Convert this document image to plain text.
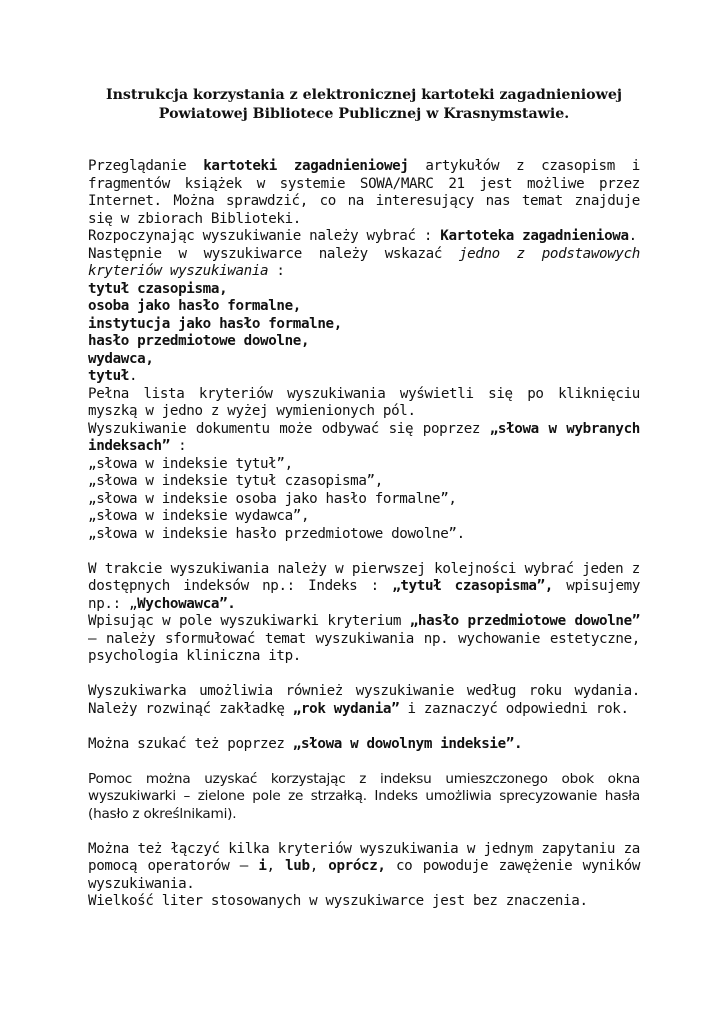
Instrukcja korzystania z elektronicznej kartoteki zagadnieniowej
Powiatowej Bibliotece Publicznej w Krasnymstawie.

Przeglądanie kartoteki zagadnieniowej artykułów z czasopism i fragmentów książek w systemie SOWA/MARC 21 jest możliwe przez Internet. Można sprawdzić, co na interesujący nas temat znajduje się w zbiorach Biblioteki.

Rozpoczynając wyszukiwanie należy wybrać : Kartoteka zagadnieniowa.

Następnie w wyszukiwarce należy wskazać jedno z podstawowych kryteriów wyszukiwania :

tytuł czasopisma,
osoba jako hasło formalne,
instytucja jako hasło formalne,
hasło przedmiotowe dowolne,
wydawca,
tytuł.

Pełna lista kryteriów wyszukiwania wyświetli się po kliknięciu myszką w jedno z wyżej wymienionych pól.

Wyszukiwanie dokumentu może odbywać się poprzez „słowa w wybranych indeksach” :

„słowa w indeksie tytuł”,
„słowa w indeksie tytuł czasopisma”,
„słowa w indeksie osoba jako hasło formalne”,
„słowa w indeksie wydawca”,
„słowa w indeksie hasło przedmiotowe dowolne”.

W trakcie wyszukiwania należy w pierwszej kolejności wybrać jeden z dostępnych indeksów np.: Indeks : „tytuł czasopisma”, wpisujemy np.: „Wychowawca”.

Wpisując w pole wyszukiwarki kryterium „hasło przedmiotowe dowolne” – należy sformułować temat wyszukiwania np. wychowanie estetyczne, psychologia kliniczna itp.

Wyszukiwarka umożliwia również wyszukiwanie według roku wydania. Należy rozwinąć zakładkę „rok wydania” i zaznaczyć odpowiedni rok.

Można szukać też poprzez „słowa w dowolnym indeksie”.

Pomoc można uzyskać korzystając z indeksu umieszczonego obok okna wyszukiwarki – zielone pole ze strzałką. Indeks umożliwia sprecyzowanie hasła (hasło z określnikami).

Można też łączyć kilka kryteriów wyszukiwania w jednym zapytaniu za pomocą operatorów – i, lub, oprócz, co powoduje zawężenie wyników wyszukiwania.

Wielkość liter stosowanych w wyszukiwarce jest bez znaczenia.
